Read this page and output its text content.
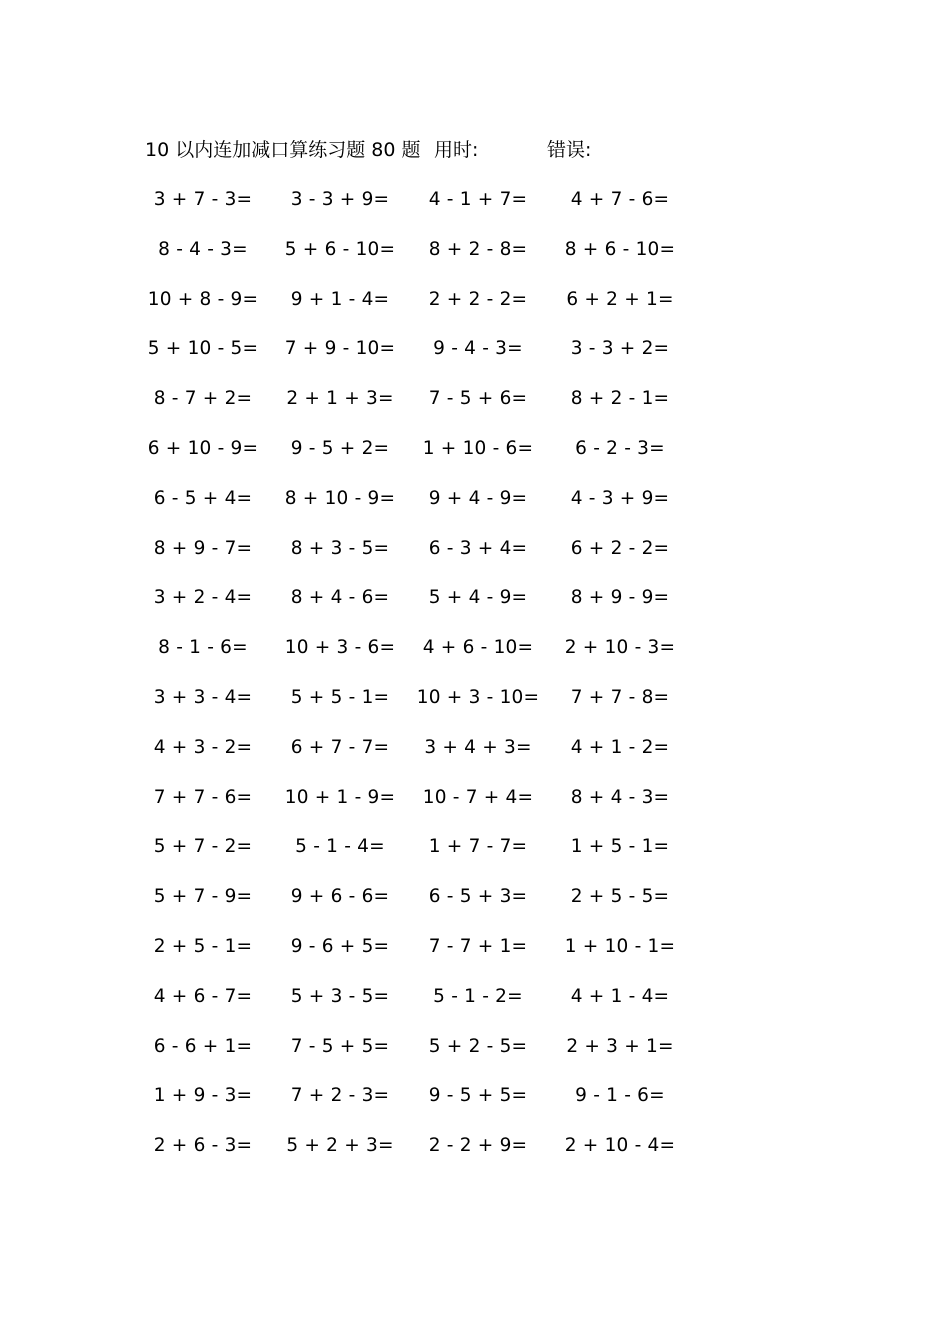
10 以内连加减口算练习题 80 题 用时:	错误:
3 + 7 - 3= 3 - 3 + 9= 4 - 1 + 7= 4 + 7 - 6=
8 - 4 - 3= 5 + 6 - 10= 8 + 2 - 8= 8 + 6 - 10=
10 + 8 - 9= 9 + 1 - 4= 2 + 2 - 2= 6 + 2 + 1=
5 + 10 - 5= 7 + 9 - 10= 9 - 4 - 3=	3 - 3 + 2=
8 - 7 + 2= 2 + 1 + 3= 7 - 5 + 6= 8 + 2 - 1=
6 + 10 - 9= 9 - 5 + 2= 1 + 10 - 6= 6 - 2 - 3=
6 - 5 + 4= 8 + 10 - 9= 9 + 4 - 9= 4 - 3 + 9=
8 + 9 - 7= 8 + 3 - 5= 6 - 3 + 4= 6 + 2 - 2=
3 + 2 - 4= 8 + 4 - 6= 5 + 4 - 9= 8 + 9 - 9=
8 - 1 - 6= 10 + 3 - 6= 4 + 6 - 10= 2 + 10 - 3=
3 + 3 - 4= 5 + 5 - 1= 10 + 3 - 10= 7 + 7 - 8=
4 + 3 - 2= 6 + 7 - 7= 3 + 4 + 3= 4 + 1 - 2=
7 + 7 - 6= 10 + 1 - 9= 10 - 7 + 4= 8 + 4 - 3=
5 + 7 - 2= 5 - 1 - 4= 1 + 7 - 7= 1 + 5 - 1=
5 + 7 - 9= 9 + 6 - 6= 6 - 5 + 3= 2 + 5 - 5=
2 + 5 - 1= 9 - 6 + 5= 7 - 7 + 1= 1 + 10 - 1=
4 + 6 - 7= 5 + 3 - 5= 5 - 1 - 2=	4 + 1 - 4=
6 - 6 + 1= 7 - 5 + 5= 5 + 2 - 5= 2 + 3 + 1=
1 + 9 - 3= 7 + 2 - 3= 9 - 5 + 5=	9 - 1 - 6=
2 + 6 - 3= 5 + 2 + 3= 2 - 2 + 9= 2 + 10 - 4=
